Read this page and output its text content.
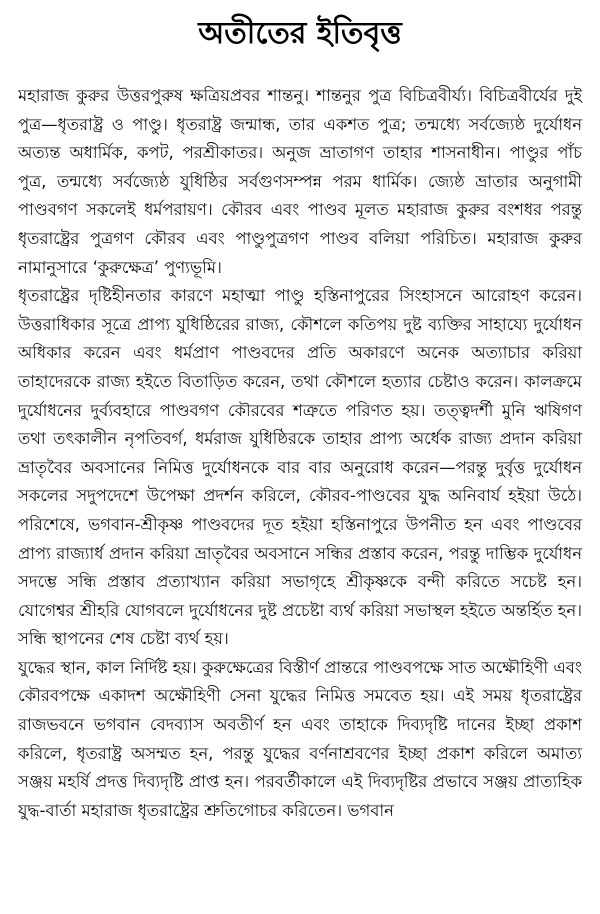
অতীতের ইতিবৃত্ত

মহারাজ কুরুর উত্তরপুরুষ ক্ষত্রিয়প্রবর শান্তনু। শান্তনুর পুত্র বিচিত্রবীর্য্য। বিচিত্রবীর্যের দুই পুত্র—ধৃতরাষ্ট্র ও পাণ্ডু। ধৃতরাষ্ট্র জন্মান্ধ, তার একশত পুত্র; তন্মধ্যে সর্বজ্যেষ্ঠ দুর্যোধন অত্যন্ত অধার্মিক, কপট, পরশ্রীকাতর। অনুজ ভ্রাতাগণ তাহার শাসনাধীন। পাণ্ডুর পাঁচ পুত্র, তন্মধ্যে সর্বজ্যেষ্ঠ যুধিষ্ঠির সর্বগুণসম্পন্ন পরম ধার্মিক। জ্যেষ্ঠ ভ্রাতার অনুগামী পাণ্ডবগণ সকলেই ধর্মপরায়ণ। কৌরব এবং পাণ্ডব মূলত মহারাজ কুরুর বংশধর পরন্তু ধৃতরাষ্ট্রের পুত্রগণ কৌরব এবং পাণ্ডুপুত্রগণ পাণ্ডব বলিয়া পরিচিত। মহারাজ কুরুর নামানুসারে ‘কুরুক্ষেত্র’ পুণ্যভূমি।

ধৃতরাষ্ট্রের দৃষ্টিহীনতার কারণে মহাত্মা পাণ্ডু হস্তিনাপুরের সিংহাসনে আরোহণ করেন। উত্তরাধিকার সূত্রে প্রাপ্য যুধিষ্ঠিরের রাজ্য, কৌশলে কতিপয় দুষ্ট ব্যক্তির সাহায্যে দুর্যোধন অধিকার করেন এবং ধর্মপ্রাণ পাণ্ডবদের প্রতি অকারণে অনেক অত্যাচার করিয়া তাহাদেরকে রাজ্য হইতে বিতাড়িত করেন, তথা কৌশলে হত্যার চেষ্টাও করেন। কালক্রমে দুর্যোধনের দুর্ব্যবহারে পাণ্ডবগণ কৌরবের শত্রুতে পরিণত হয়। তত্ত্বদর্শী মুনি ঋষিগণ তথা তৎকালীন নৃপতিবর্গ, ধর্মরাজ যুধিষ্ঠিরকে তাহার প্রাপ্য অর্ধেক রাজ্য প্রদান করিয়া ভ্রাতৃবৈর অবসানের নিমিত্ত দুর্যোধনকে বার বার অনুরোধ করেন—পরন্তু দুর্বৃত্ত দুর্যোধন সকলের সদুপদেশে উপেক্ষা প্রদর্শন করিলে, কৌরব-পাণ্ডবের যুদ্ধ অনিবার্য হইয়া উঠে। পরিশেষে, ভগবান-শ্রীকৃষ্ণ পাণ্ডবদের দূত হইয়া হস্তিনাপুরে উপনীত হন এবং পাণ্ডবের প্রাপ্য রাজ্যার্ধ প্রদান করিয়া ভ্রাতৃবৈর অবসানে সন্ধির প্রস্তাব করেন, পরন্তু দাম্ভিক দুর্যোধন সদম্ভে সন্ধি প্রস্তাব প্রত্যাখ্যান করিয়া সভাগৃহে শ্রীকৃষ্ণকে বন্দী করিতে সচেষ্ট হন। যোগেশ্বর শ্রীহরি যোগবলে দুর্যোধনের দুষ্ট প্রচেষ্টা ব্যর্থ করিয়া সভাস্থল হইতে অন্তর্হিত হন। সন্ধি স্থাপনের শেষ চেষ্টা ব্যর্থ হয়।

যুদ্ধের স্থান, কাল নির্দিষ্ট হয়। কুরুক্ষেত্রের বিস্তীর্ণ প্রান্তরে পাণ্ডবপক্ষে সাত অক্ষৌহিণী এবং কৌরবপক্ষে একাদশ অক্ষৌহিণী সেনা যুদ্ধের নিমিত্ত সমবেত হয়। এই সময় ধৃতরাষ্ট্রের রাজভবনে ভগবান বেদব্যাস অবতীর্ণ হন এবং তাহাকে দিব্যদৃষ্টি দানের ইচ্ছা প্রকাশ করিলে, ধৃতরাষ্ট্র অসম্মত হন, পরন্তু যুদ্ধের বর্ণনাশ্রবণের ইচ্ছা প্রকাশ করিলে অমাত্য সঞ্জয় মহর্ষি প্রদত্ত দিব্যদৃষ্টি প্রাপ্ত হন। পরবর্তীকালে এই দিব্যদৃষ্টির প্রভাবে সঞ্জয় প্রাত্যহিক যুদ্ধ-বার্তা মহারাজ ধৃতরাষ্ট্রের শ্রুতিগোচর করিতেন। ভগবান
